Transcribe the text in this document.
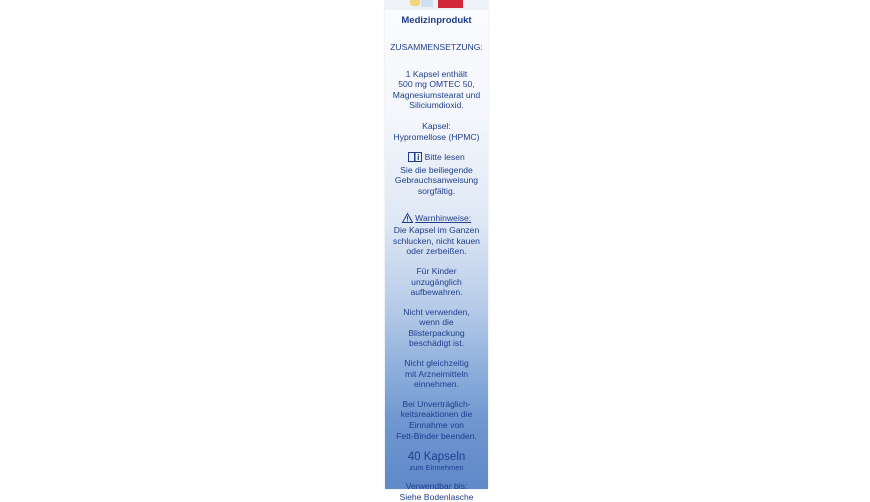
Medizinprodukt

ZUSAMMENSETZUNG:

1 Kapsel enthält

500 mg OMTEC 50,

Magnesiumstearat und

Siliciumdioxid.

Kapsel:

Hypromellose (HPMC)

Bitte lesen

Sie die beiliegende

Gebrauchsanweisung

sorgfältig.

Warnhinweise:

Die Kapsel im Ganzen

schlucken, nicht kauen

oder zerbeißen.

Für Kinder

unzugänglich

aufbewahren.

Nicht verwenden,

wenn die

Blisterpackung

beschädigt ist.

Nicht gleichzeitig

mit Arzneimitteln

einnehmen.

Bei Unverträglich-

keitsreaktionen die

Einnahme von

Fett-Binder beenden.

40 Kapseln

zum Einnehmen

Verwendbar bis:

Siehe Bodenlasche
